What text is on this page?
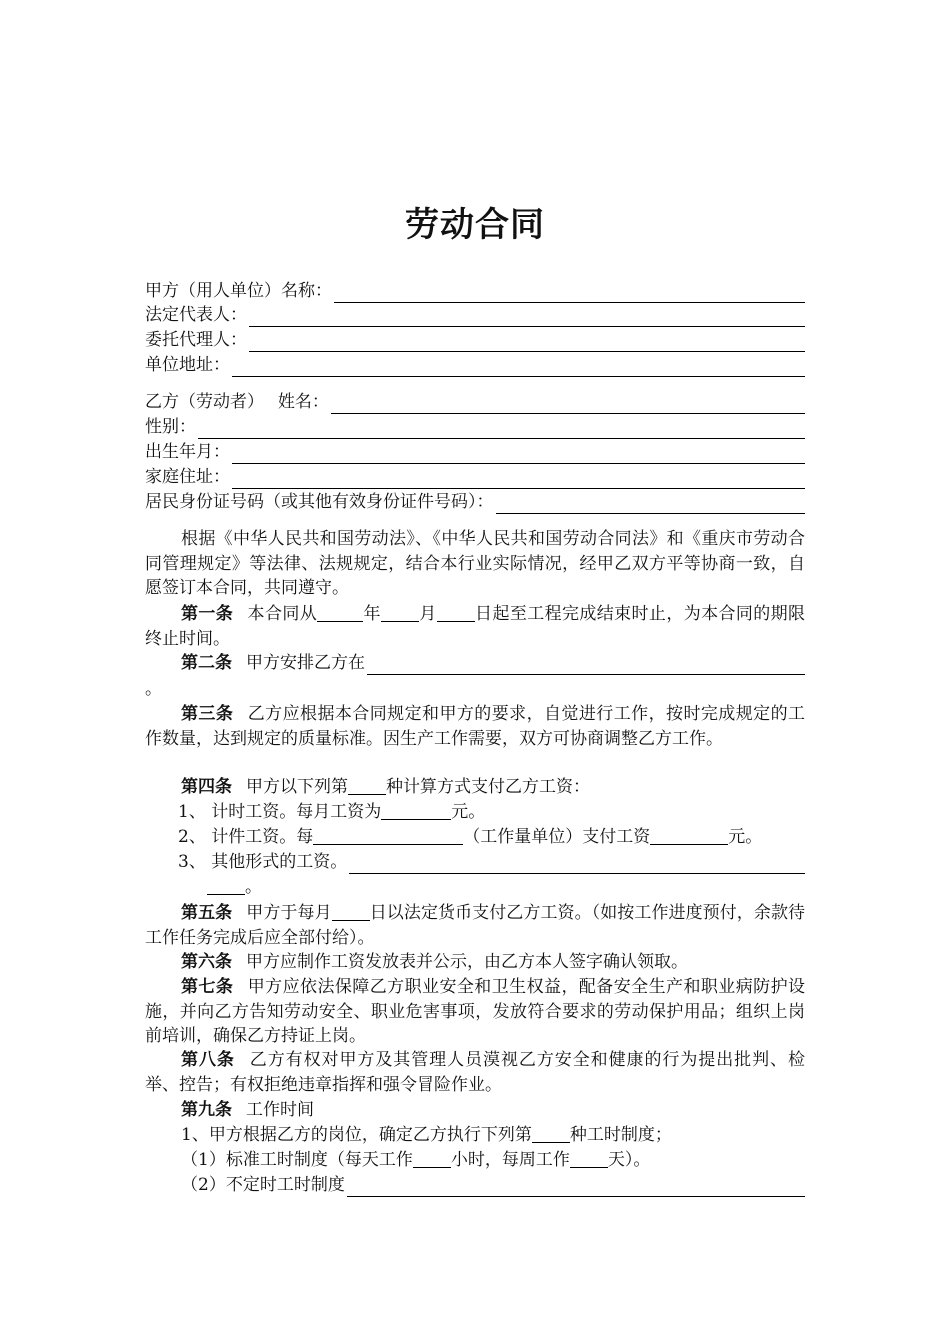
劳动合同
甲方（用人单位）名称：
法定代表人：
委托代理人：
单位地址：
乙方（劳动者）　 姓名：
性别：
出生年月：
家庭住址：
居民身份证号码（或其他有效身份证件号码）：

根据《中华人民共和国劳动法》、《中华人民共和国劳动合同法》和《重庆市劳动合同管理规定》等法律、法规规定，结合本行业实际情况，经甲乙双方平等协商一致，自愿签订本合同，共同遵守。

第一条 本合同从	年 月 日起至工程完成结束时止，为本合同的期限终止时间。

第二条 甲方安排乙方在
。

第三条 乙方应根据本合同规定和甲方的要求，自觉进行工作，按时完成规定的工作数量，达到规定的质量标准。因生产工作需要，双方可协商调整乙方工作。

第四条 甲方以下列第 种计算方式支付乙方工资：

1、 计时工资。每月工资为	元。
2、 计件工资。每	（工作量单位）支付工资	元。
3、 其他形式的工资。
。

第五条 甲方于每月 日以法定货币支付乙方工资。（如按工作进度预付，余款待工作任务完成后应全部付给）。

第六条 甲方应制作工资发放表并公示，由乙方本人签字确认领取。

第七条 甲方应依法保障乙方职业安全和卫生权益，配备安全生产和职业病防护设施，并向乙方告知劳动安全、职业危害事项，发放符合要求的劳动保护用品；组织上岗前培训，确保乙方持证上岗。

第八条 乙方有权对甲方及其管理人员漠视乙方安全和健康的行为提出批判、检举、控告；有权拒绝违章指挥和强令冒险作业。

第九条 工作时间
1、甲方根据乙方的岗位，确定乙方执行下列第 种工时制度；
（1）标准工时制度（每天工作 小时，每周工作 天）。
（2）不定时工时制度
